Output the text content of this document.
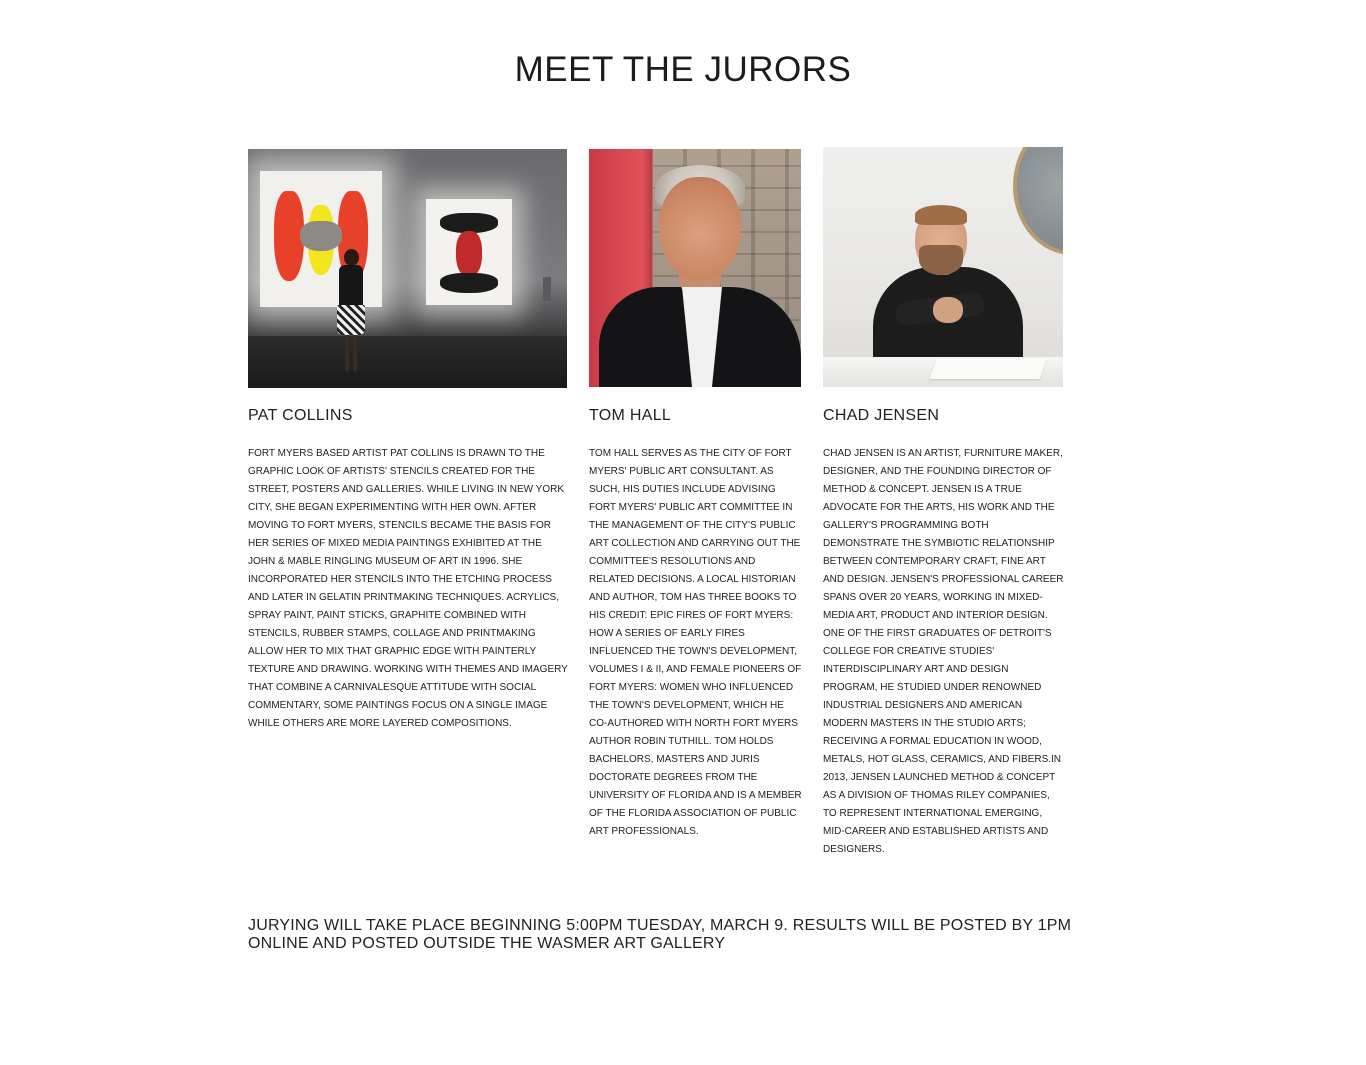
MEET THE JURORS
PAT COLLINS

FORT MYERS BASED ARTIST PAT COLLINS IS DRAWN TO THE GRAPHIC LOOK OF ARTISTS' STENCILS CREATED FOR THE STREET, POSTERS AND GALLERIES. WHILE LIVING IN NEW YORK CITY, SHE BEGAN EXPERIMENTING WITH HER OWN. AFTER MOVING TO FORT MYERS, STENCILS BECAME THE BASIS FOR HER SERIES OF MIXED MEDIA PAINTINGS EXHIBITED AT THE JOHN & MABLE RINGLING MUSEUM OF ART IN 1996. SHE INCORPORATED HER STENCILS INTO THE ETCHING PROCESS AND LATER IN GELATIN PRINTMAKING TECHNIQUES. ACRYLICS, SPRAY PAINT, PAINT STICKS, GRAPHITE COMBINED WITH STENCILS, RUBBER STAMPS, COLLAGE AND PRINTMAKING ALLOW HER TO MIX THAT GRAPHIC EDGE WITH PAINTERLY TEXTURE AND DRAWING. WORKING WITH THEMES AND IMAGERY THAT COMBINE A CARNIVALESQUE ATTITUDE WITH SOCIAL COMMENTARY, SOME PAINTINGS FOCUS ON A SINGLE IMAGE WHILE OTHERS ARE MORE LAYERED COMPOSITIONS.

TOM HALL

TOM HALL SERVES AS THE CITY OF FORT MYERS' PUBLIC ART CONSULTANT. AS SUCH, HIS DUTIES INCLUDE ADVISING FORT MYERS' PUBLIC ART COMMITTEE IN THE MANAGEMENT OF THE CITY'S PUBLIC ART COLLECTION AND CARRYING OUT THE COMMITTEE'S RESOLUTIONS AND RELATED DECISIONS. A LOCAL HISTORIAN AND AUTHOR, TOM HAS THREE BOOKS TO HIS CREDIT: EPIC FIRES OF FORT MYERS: HOW A SERIES OF EARLY FIRES INFLUENCED THE TOWN'S DEVELOPMENT, VOLUMES I & II, AND FEMALE PIONEERS OF FORT MYERS: WOMEN WHO INFLUENCED THE TOWN'S DEVELOPMENT, WHICH HE CO-AUTHORED WITH NORTH FORT MYERS AUTHOR ROBIN TUTHILL. TOM HOLDS BACHELORS, MASTERS AND JURIS DOCTORATE DEGREES FROM THE UNIVERSITY OF FLORIDA AND IS A MEMBER OF THE FLORIDA ASSOCIATION OF PUBLIC ART PROFESSIONALS.

CHAD JENSEN

CHAD JENSEN IS AN ARTIST, FURNITURE MAKER, DESIGNER, AND THE FOUNDING DIRECTOR OF METHOD & CONCEPT. JENSEN IS A TRUE ADVOCATE FOR THE ARTS, HIS WORK AND THE GALLERY'S PROGRAMMING BOTH DEMONSTRATE THE SYMBIOTIC RELATIONSHIP BETWEEN CONTEMPORARY CRAFT, FINE ART AND DESIGN. JENSEN'S PROFESSIONAL CAREER SPANS OVER 20 YEARS, WORKING IN MIXED-MEDIA ART, PRODUCT AND INTERIOR DESIGN. ONE OF THE FIRST GRADUATES OF DETROIT'S COLLEGE FOR CREATIVE STUDIES' INTERDISCIPLINARY ART AND DESIGN PROGRAM, HE STUDIED UNDER RENOWNED INDUSTRIAL DESIGNERS AND AMERICAN MODERN MASTERS IN THE STUDIO ARTS; RECEIVING A FORMAL EDUCATION IN WOOD, METALS, HOT GLASS, CERAMICS, AND FIBERS.IN 2013, JENSEN LAUNCHED METHOD & CONCEPT AS A DIVISION OF THOMAS RILEY COMPANIES, TO REPRESENT INTERNATIONAL EMERGING, MID-CAREER AND ESTABLISHED ARTISTS AND DESIGNERS.

JURYING WILL TAKE PLACE BEGINNING 5:00PM TUESDAY, MARCH 9. RESULTS WILL BE POSTED BY 1PM ONLINE AND POSTED OUTSIDE THE WASMER ART GALLERY
